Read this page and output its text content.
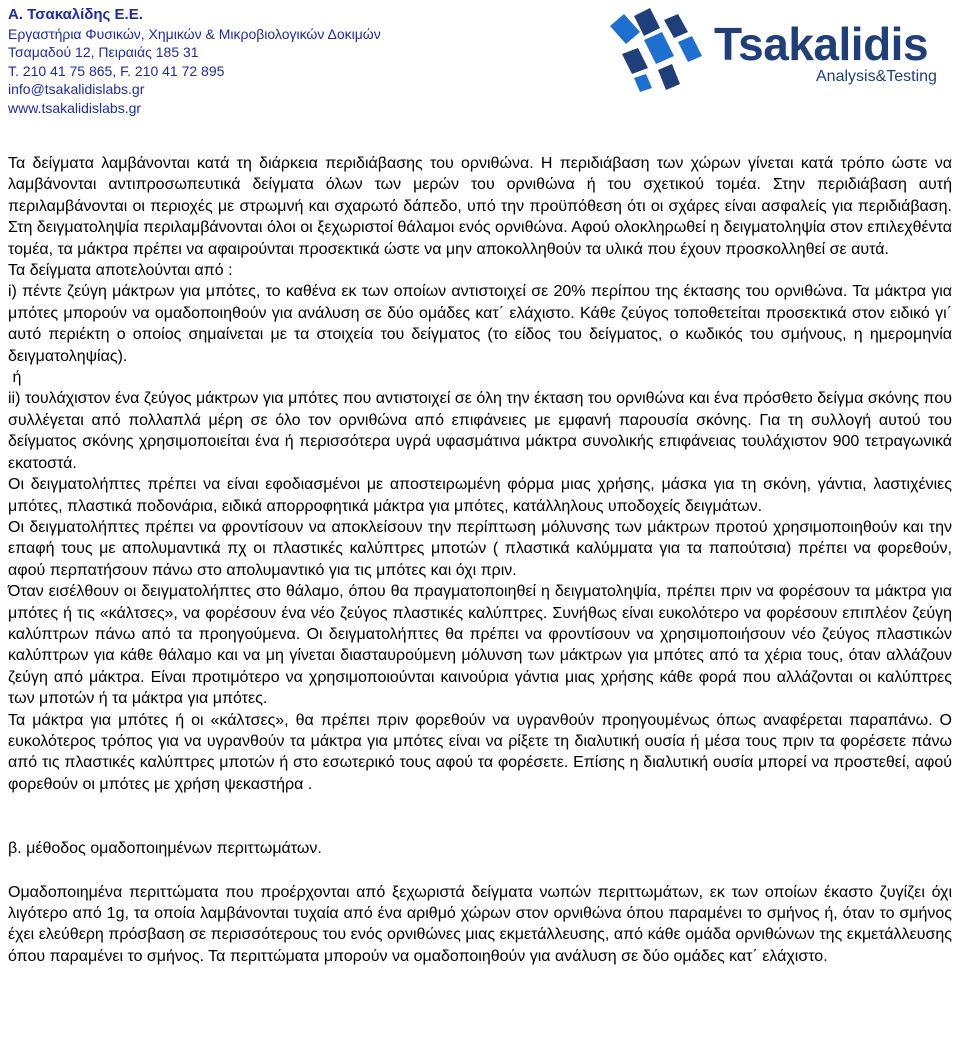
Α. Τσακαλίδης Ε.Ε.
Εργαστήρια Φυσικών, Χημικών & Μικροβιολογικών Δοκιμών
Τσαμαδού 12, Πειραιάς 185 31
Τ. 210 41 75 865, F. 210 41 72 895
info@tsakalidislabs.gr
www.tsakalidislabs.gr
Tsakalidis
Analysis&Testing

Τα δείγματα λαμβάνονται κατά τη διάρκεια περιδιάβασης του ορνιθώνα. Η περιδιάβαση των χώρων γίνεται κατά τρόπο ώστε να λαμβάνονται αντιπροσωπευτικά δείγματα όλων των μερών του ορνιθώνα ή του σχετικού τομέα. Στην περιδιάβαση αυτή περιλαμβάνονται οι περιοχές με στρωμνή και σχαρωτό δάπεδο, υπό την προϋπόθεση ότι οι σχάρες είναι ασφαλείς για περιδιάβαση. Στη δειγματοληψία περιλαμβάνονται όλοι οι ξεχωριστοί θάλαμοι ενός ορνιθώνα. Αφού ολοκληρωθεί η δειγματοληψία στον επιλεχθέντα τομέα, τα μάκτρα πρέπει να αφαιρούνται προσεκτικά ώστε να μην αποκολληθούν τα υλικά που έχουν προσκολληθεί σε αυτά.

Τα δείγματα αποτελούνται από :

i) πέντε ζεύγη μάκτρων για μπότες, το καθένα εκ των οποίων αντιστοιχεί σε 20% περίπου της έκτασης του ορνιθώνα. Τα μάκτρα για μπότες μπορούν να ομαδοποιηθούν για ανάλυση σε δύο ομάδες κατ΄ ελάχιστο. Κάθε ζεύγος τοποθετείται προσεκτικά στον ειδικό γι΄ αυτό περιέκτη ο οποίος σημαίνεται με τα στοιχεία του δείγματος (το είδος του δείγματος, ο κωδικός του σμήνους, η ημερομηνία δειγματοληψίας).

ή

ii) τουλάχιστον ένα ζεύγος μάκτρων για μπότες που αντιστοιχεί σε όλη την έκταση του ορνιθώνα και ένα πρόσθετο δείγμα σκόνης που συλλέγεται από πολλαπλά μέρη σε όλο τον ορνιθώνα από επιφάνειες με εμφανή παρουσία σκόνης. Για τη συλλογή αυτού του δείγματος σκόνης χρησιμοποιείται ένα ή περισσότερα υγρά υφασμάτινα μάκτρα συνολικής επιφάνειας τουλάχιστον 900 τετραγωνικά εκατοστά.

Οι δειγματολήπτες πρέπει να είναι εφοδιασμένοι με αποστειρωμένη φόρμα μιας χρήσης, μάσκα για τη σκόνη, γάντια, λαστιχένιες μπότες, πλαστικά ποδονάρια, ειδικά απορροφητικά μάκτρα για μπότες, κατάλληλους υποδοχείς δειγμάτων.

Οι δειγματολήπτες πρέπει να φροντίσουν να αποκλείσουν την περίπτωση μόλυνσης των μάκτρων προτού χρησιμοποιηθούν και την επαφή τους με απολυμαντικά πχ οι πλαστικές καλύπτρες μποτών ( πλαστικά καλύμματα για τα παπούτσια) πρέπει να φορεθούν, αφού περπατήσουν πάνω στο απολυμαντικό για τις μπότες και όχι πριν.

Όταν εισέλθουν οι δειγματολήπτες στο θάλαμο, όπου θα πραγματοποιηθεί η δειγματοληψία, πρέπει πριν να φορέσουν τα μάκτρα για μπότες ή τις «κάλτσες», να φορέσουν ένα νέο ζεύγος πλαστικές καλύπτρες. Συνήθως είναι ευκολότερο να φορέσουν επιπλέον ζεύγη καλύπτρων πάνω από τα προηγούμενα. Οι δειγματολήπτες θα πρέπει να φροντίσουν να χρησιμοποιήσουν νέο ζεύγος πλαστικών καλύπτρων για κάθε θάλαμο και να μη γίνεται διασταυρούμενη μόλυνση των μάκτρων για μπότες από τα χέρια τους, όταν αλλάζουν ζεύγη από μάκτρα. Είναι προτιμότερο να χρησιμοποιούνται καινούρια γάντια μιας χρήσης κάθε φορά που αλλάζονται οι καλύπτρες των μποτών ή τα μάκτρα για μπότες.

Τα μάκτρα για μπότες ή οι «κάλτσες», θα πρέπει πριν φορεθούν να υγρανθούν προηγουμένως όπως αναφέρεται παραπάνω. Ο ευκολότερος τρόπος για να υγρανθούν τα μάκτρα για μπότες είναι να ρίξετε τη διαλυτική ουσία ή μέσα τους πριν τα φορέσετε πάνω από τις πλαστικές καλύπτρες μποτών ή στο εσωτερικό τους αφού τα φορέσετε. Επίσης η διαλυτική ουσία μπορεί να προστεθεί, αφού φορεθούν οι μπότες με χρήση ψεκαστήρα .

β. μέθοδος ομαδοποιημένων περιττωμάτων.

Ομαδοποιημένα περιττώματα που προέρχονται από ξεχωριστά δείγματα νωπών περιττωμάτων, εκ των οποίων έκαστο ζυγίζει όχι λιγότερο από 1g, τα οποία λαμβάνονται τυχαία από ένα αριθμό χώρων στον ορνιθώνα όπου παραμένει το σμήνος ή, όταν το σμήνος έχει ελεύθερη πρόσβαση σε περισσότερους του ενός ορνιθώνες μιας εκμετάλλευσης, από κάθε ομάδα ορνιθώνων της εκμετάλλευσης όπου παραμένει το σμήνος. Τα περιττώματα μπορούν να ομαδοποιηθούν για ανάλυση σε δύο ομάδες κατ΄ ελάχιστο.
